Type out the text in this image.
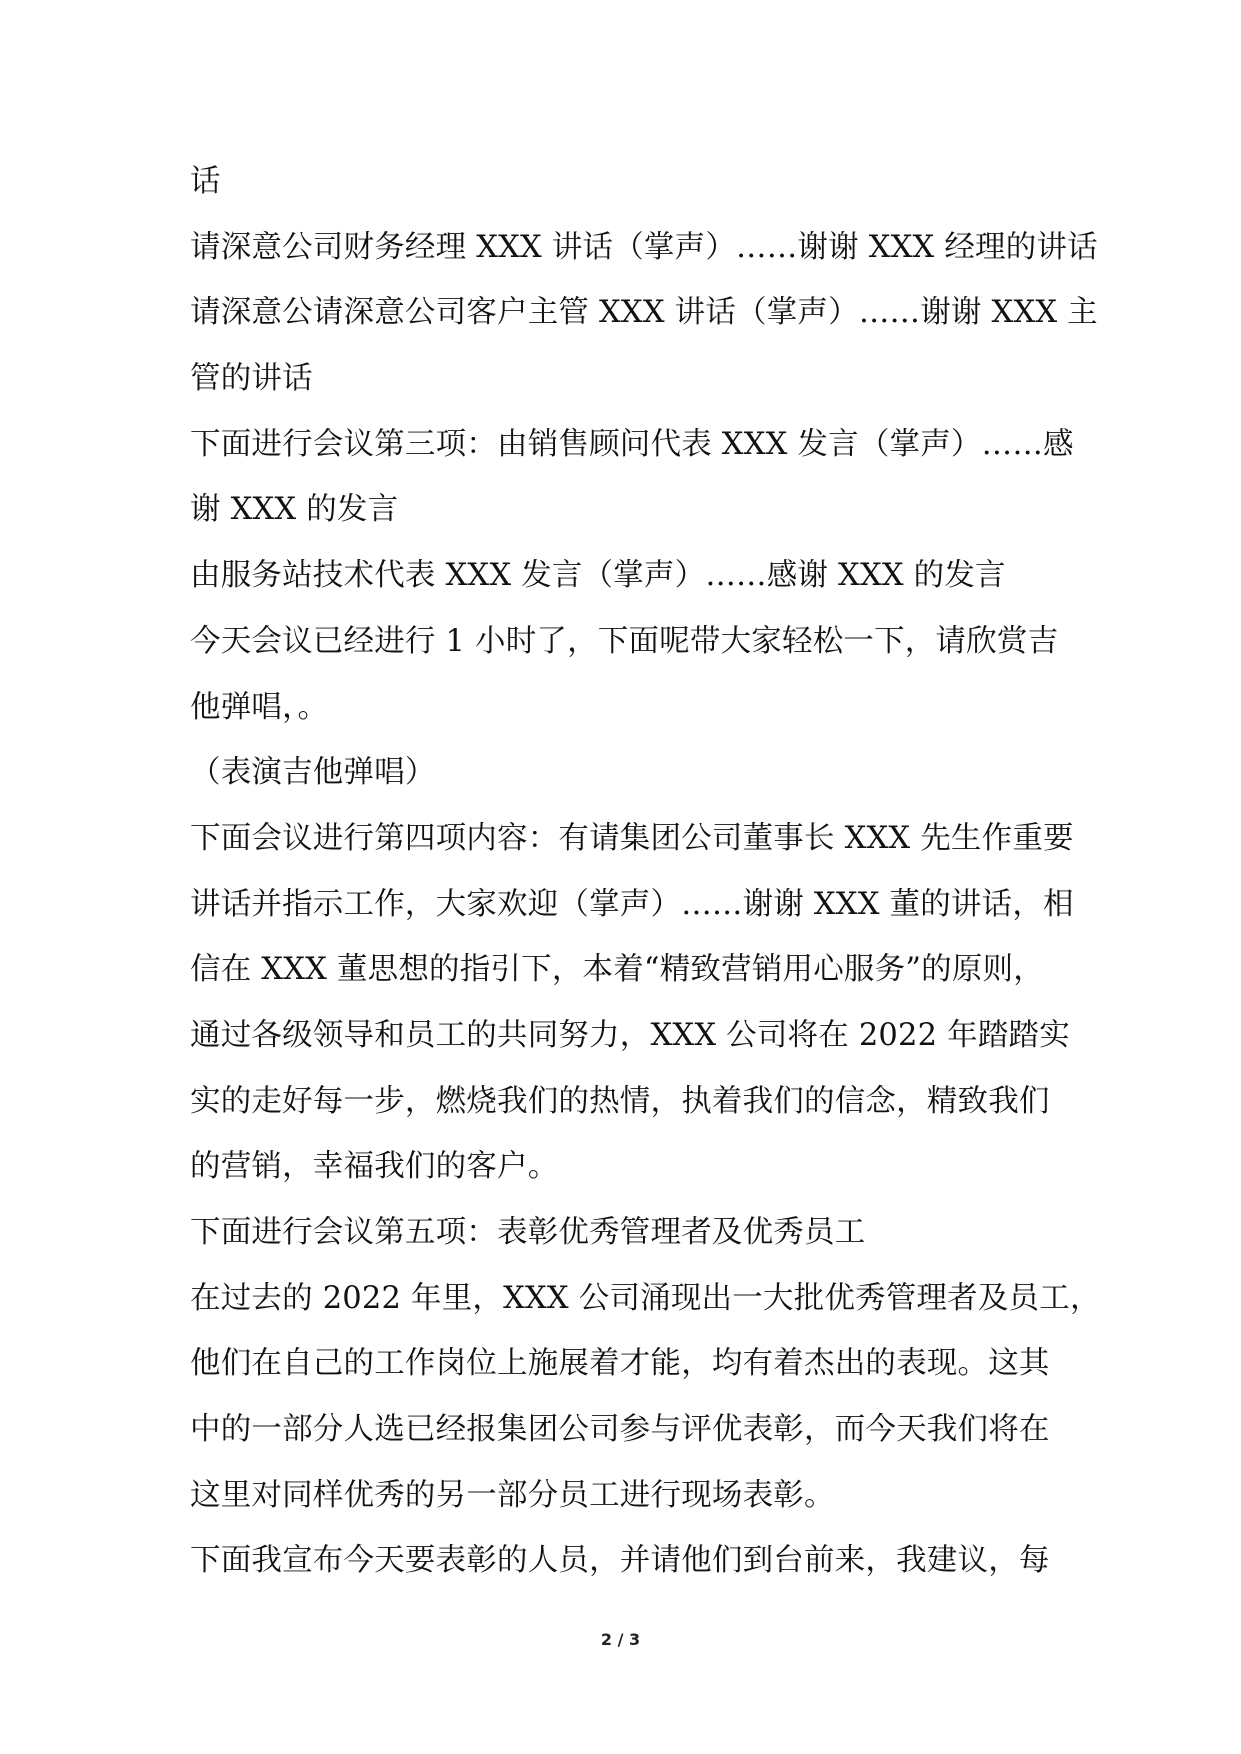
话
请深意公司财务经理 XXX 讲话（掌声）……谢谢 XXX 经理的讲话
请深意公请深意公司客户主管 XXX 讲话（掌声）……谢谢 XXX 主
管的讲话
下面进行会议第三项：由销售顾问代表 XXX 发言（掌声）……感
谢 XXX 的发言
由服务站技术代表 XXX 发言（掌声）……感谢 XXX 的发言
今天会议已经进行 1 小时了，下面呢带大家轻松一下，请欣赏吉
他弹唱，。
（表演吉他弹唱）
下面会议进行第四项内容：有请集团公司董事长 XXX 先生作重要
讲话并指示工作，大家欢迎（掌声）……谢谢 XXX 董的讲话，相
信在 XXX 董思想的指引下，本着“精致营销用心服务”的原则，
通过各级领导和员工的共同努力，XXX 公司将在 2022 年踏踏实
实的走好每一步，燃烧我们的热情，执着我们的信念，精致我们
的营销，幸福我们的客户。
下面进行会议第五项：表彰优秀管理者及优秀员工
在过去的 2022 年里，XXX 公司涌现出一大批优秀管理者及员工，
他们在自己的工作岗位上施展着才能，均有着杰出的表现。这其
中的一部分人选已经报集团公司参与评优表彰，而今天我们将在
这里对同样优秀的另一部分员工进行现场表彰。
下面我宣布今天要表彰的人员，并请他们到台前来，我建议，每
2 / 3
